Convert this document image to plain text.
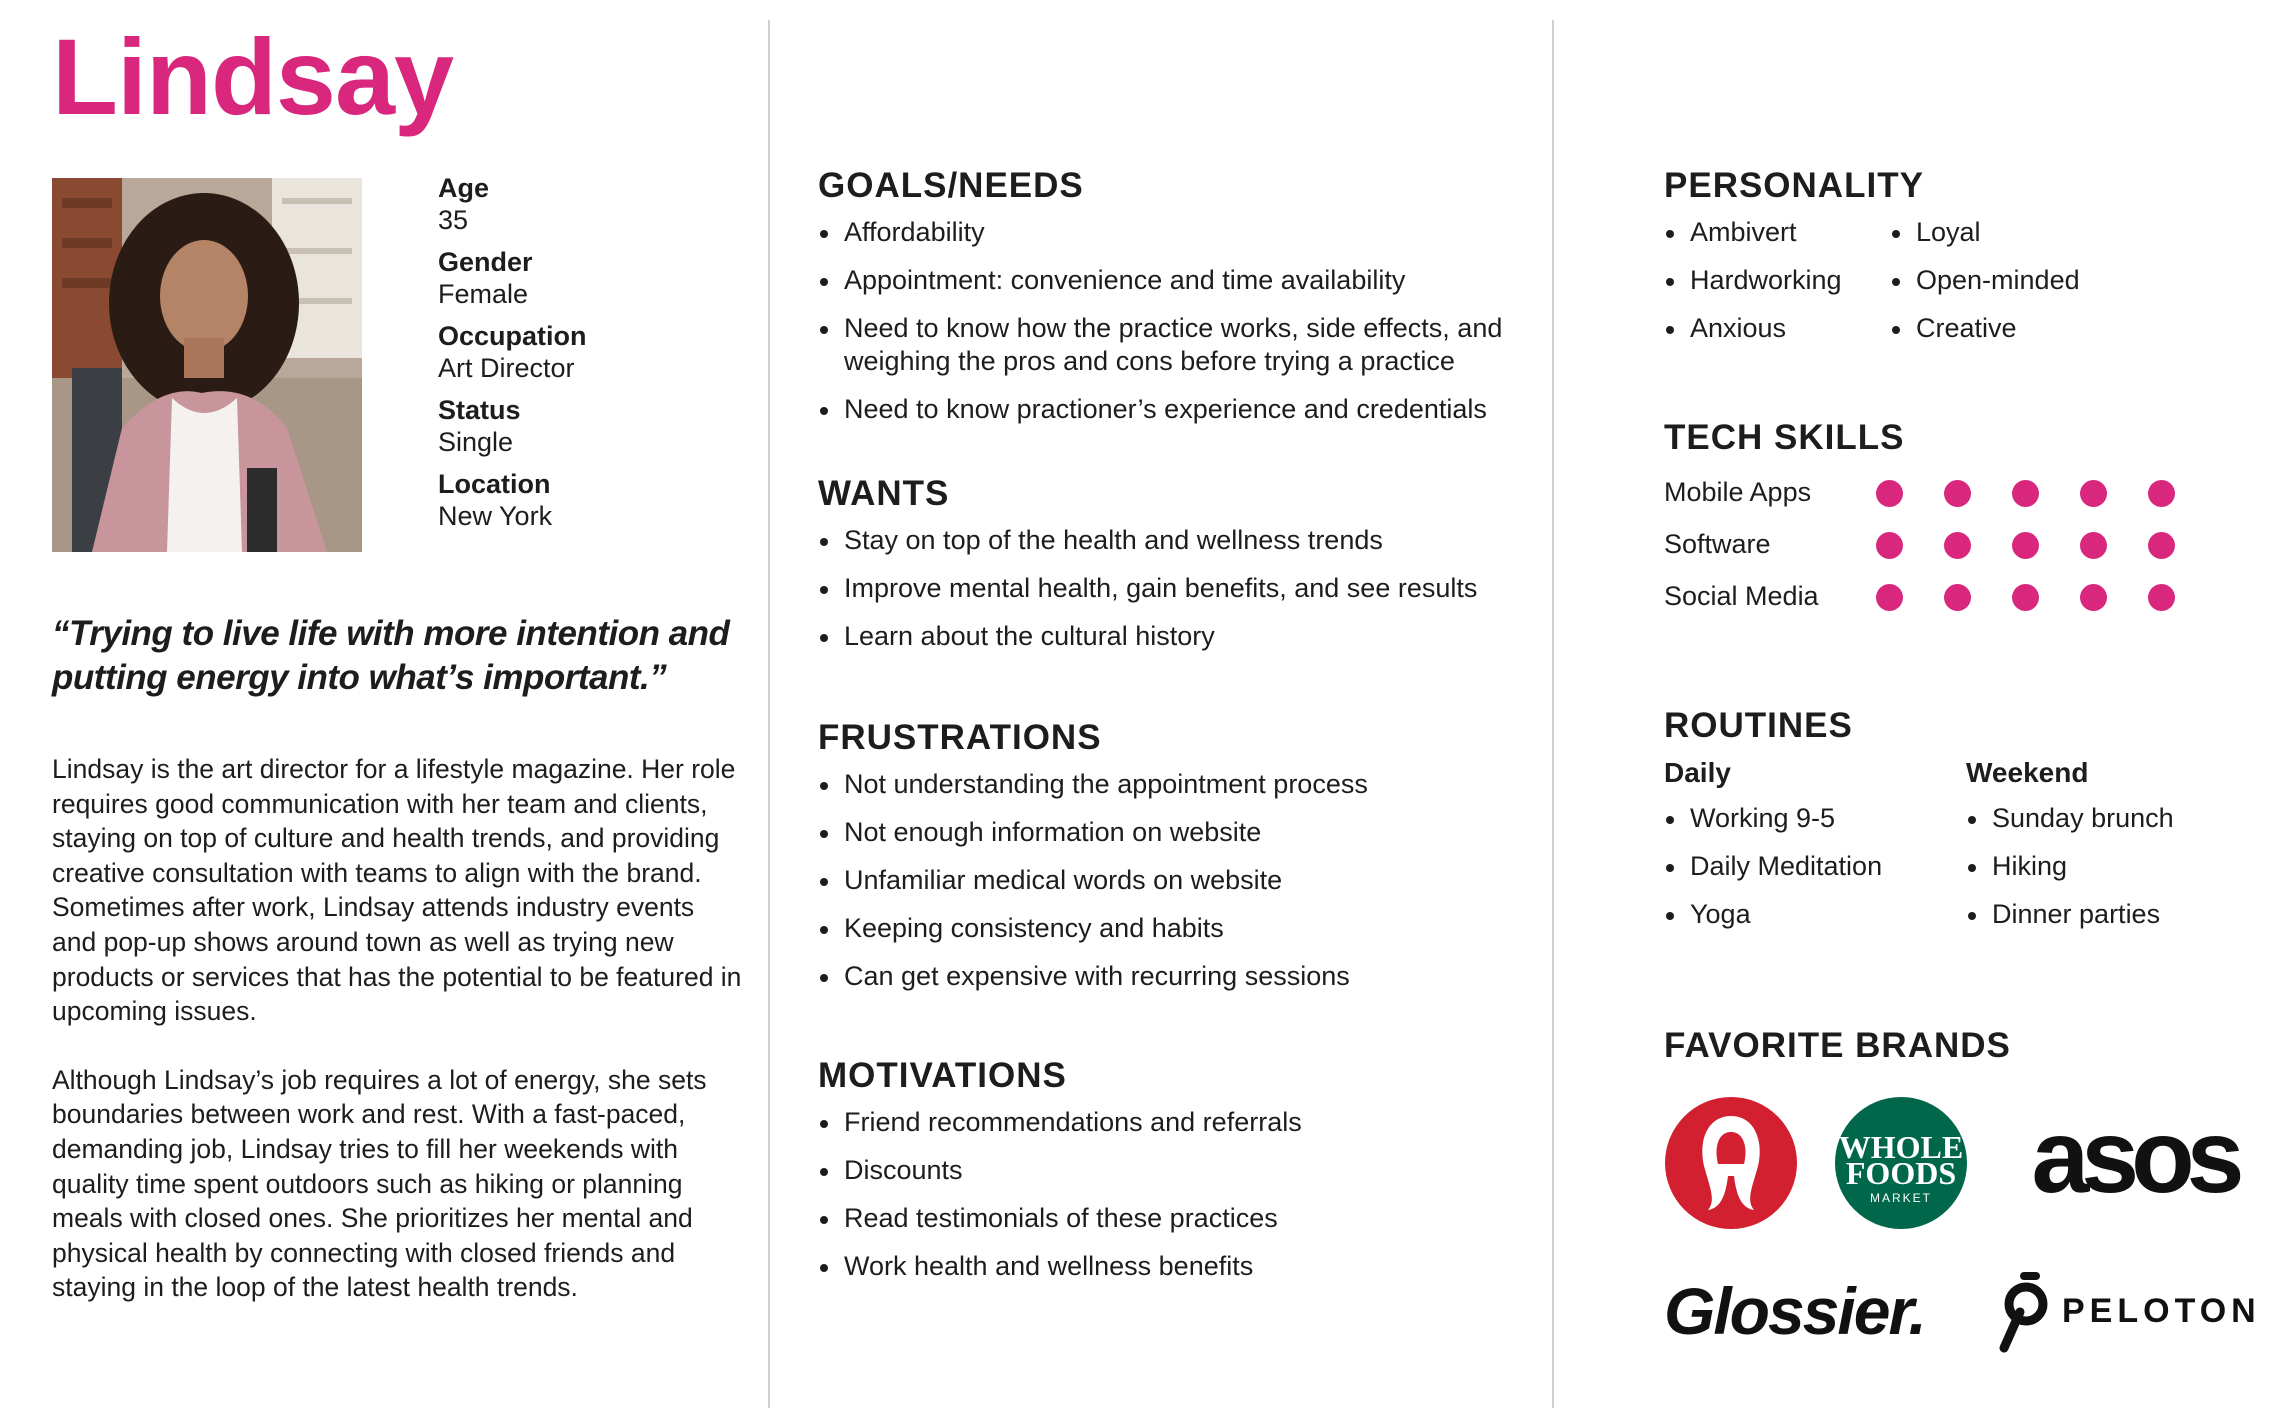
Lindsay
Age
35
Gender
Female
Occupation
Art Director
Status
Single
Location
New York
“Trying to live life with more intention and putting energy into what’s important.”

Lindsay is the art director for a lifestyle magazine. Her role requires good communication with her team and clients, staying on top of culture and health trends, and providing creative consultation with teams to align with the brand. Sometimes after work, Lindsay attends industry events and pop-up shows around town as well as trying new products or services that has the potential to be featured in upcoming issues.

Although Lindsay’s job requires a lot of energy, she sets boundaries between work and rest. With a fast-paced, demanding job, Lindsay tries to fill her weekends with quality time spent outdoors such as hiking or planning meals with closed ones. She prioritizes her mental and physical health by connecting with closed friends and staying in the loop of the latest health trends.

GOALS/NEEDS
Affordability
Appointment: convenience and time availability
Need to know how the practice works, side effects, and weighing the pros and cons before trying a practice
Need to know practioner’s experience and credentials
WANTS
Stay on top of the health and wellness trends
Improve mental health, gain benefits, and see results
Learn about the cultural history
FRUSTRATIONS
Not understanding the appointment process
Not enough information on website
Unfamiliar medical words on website
Keeping consistency and habits
Can get expensive with recurring sessions
MOTIVATIONS
Friend recommendations and referrals
Discounts
Read testimonials of these practices
Work health and wellness benefits
PERSONALITY
Ambivert
Hardworking
Anxious
Loyal
Open-minded
Creative
TECH SKILLS
Mobile Apps
Software
Social Media
ROUTINES
Daily
Working 9-5
Daily Meditation
Yoga
Weekend
Sunday brunch
Hiking
Dinner parties
FAVORITE BRANDS
WHOLE
FOODS
MARKET asos
Glossier.	PELOTON
